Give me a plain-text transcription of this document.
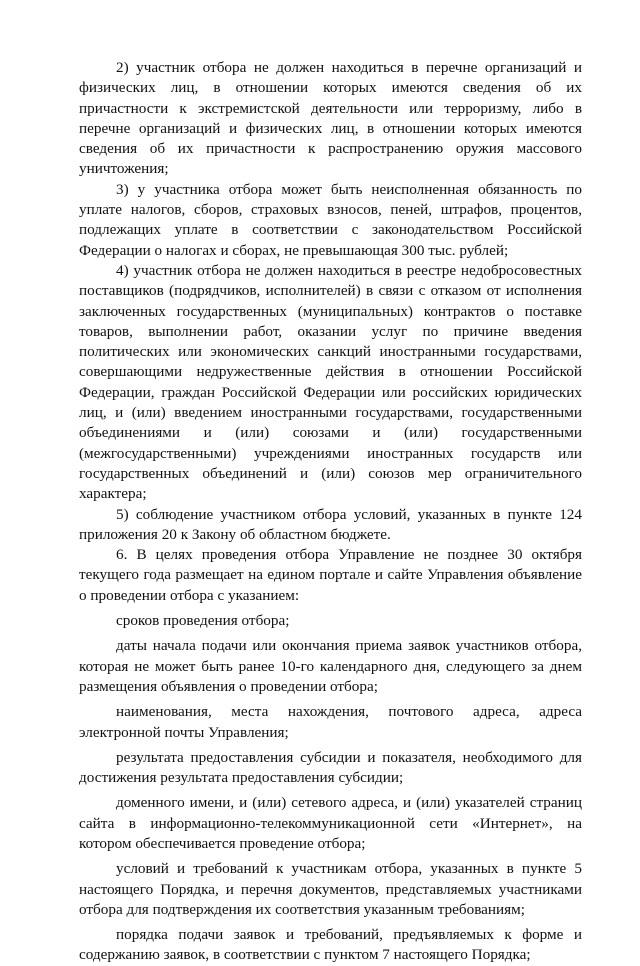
2) участник отбора не должен находиться в перечне организаций и физических лиц, в отношении которых имеются сведения об их причастности к экстремистской деятельности или терроризму, либо в перечне организаций и физических лиц, в отношении которых имеются сведения об их причастности к распространению оружия массового уничтожения;

3) у участника отбора может быть неисполненная обязанность по уплате налогов, сборов, страховых взносов, пеней, штрафов, процентов, подлежащих уплате в соответствии с законодательством Российской Федерации о налогах и сборах, не превышающая 300 тыс. рублей;

4) участник отбора не должен находиться в реестре недобросовестных поставщиков (подрядчиков, исполнителей) в связи с отказом от исполнения заключенных государственных (муниципальных) контрактов о поставке товаров, выполнении работ, оказании услуг по причине введения политических или экономических санкций иностранными государствами, совершающими недружественные действия в отношении Российской Федерации, граждан Российской Федерации или российских юридических лиц, и (или) введением иностранными государствами, государственными объединениями и (или) союзами и (или) государственными (межгосударственными) учреждениями иностранных государств или государственных объединений и (или) союзов мер ограничительного характера;

5) соблюдение участником отбора условий, указанных в пункте 124 приложения 20 к Закону об областном бюджете.

6. В целях проведения отбора Управление не позднее 30 октября текущего года размещает на едином портале и сайте Управления объявление о проведении отбора с указанием:

сроков проведения отбора;

даты начала подачи или окончания приема заявок участников отбора, которая не может быть ранее 10-го календарного дня, следующего за днем размещения объявления о проведении отбора;

наименования, места нахождения, почтового адреса, адреса электронной почты Управления;

результата предоставления субсидии и показателя, необходимого для достижения результата предоставления субсидии;

доменного имени, и (или) сетевого адреса, и (или) указателей страниц сайта в информационно-телекоммуникационной сети «Интернет», на котором обеспечивается проведение отбора;

условий и требований к участникам отбора, указанных в пункте 5 настоящего Порядка, и перечня документов, представляемых участниками отбора для подтверждения их соответствия указанным требованиям;

порядка подачи заявок и требований, предъявляемых к форме и содержанию заявок, в соответствии с пунктом 7 настоящего Порядка;
